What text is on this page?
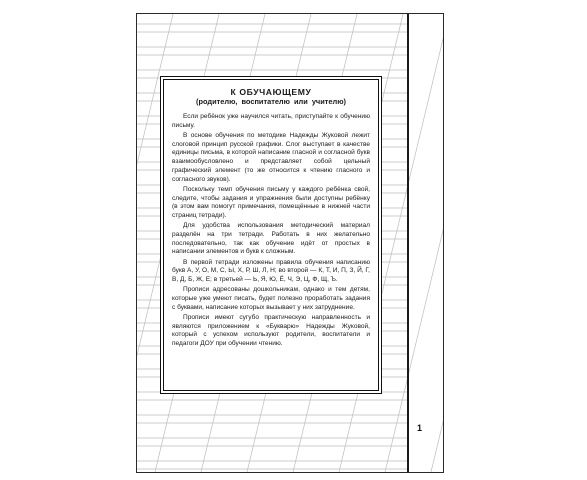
К ОБУЧАЮЩЕМУ
(родителю, воспитателю или учителю)

Если ребёнок уже научился читать, приступайте к обучению письму.

В основе обучения по методике Надежды Жуковой лежит слоговой принцип русской графики. Слог выступает в качестве единицы письма, в которой написание гласной и согласной букв взаимообусловлено и представляет собой цельный графический элемент (то же относится к чтению гласного и согласного звуков).

Поскольку темп обучения письму у каждого ребёнка свой, следите, чтобы задания и упражнения были доступны ребёнку (в этом вам помогут примечания, помещённые в нижней части страниц тетради).

Для удобства использования методический материал разделён на три тетради. Работать в них желательно последовательно, так как обучение идёт от простых в написании элементов и букв к сложным.

В первой тетради изложены правила обучения написанию букв А, У, О, М, С, Ы, Х, Р, Ш, Л, Н; во второй — К, Т, И, П, З, Й, Г, В, Д, Б, Ж, Е; в третьей — Ь, Я, Ю, Ё, Ч, Э, Ц, Ф, Щ, Ъ.

Прописи адресованы дошкольникам, однако и тем детям, которые уже умеют писать, будет полезно проработать задания с буквами, написание которых вызывает у них затруднение.

Прописи имеют сугубо практическую направленность и являются приложением к «Букварю» Надежды Жуковой, который с успехом используют родители, воспитатели и педагоги ДОУ при обучении чтению.

1
